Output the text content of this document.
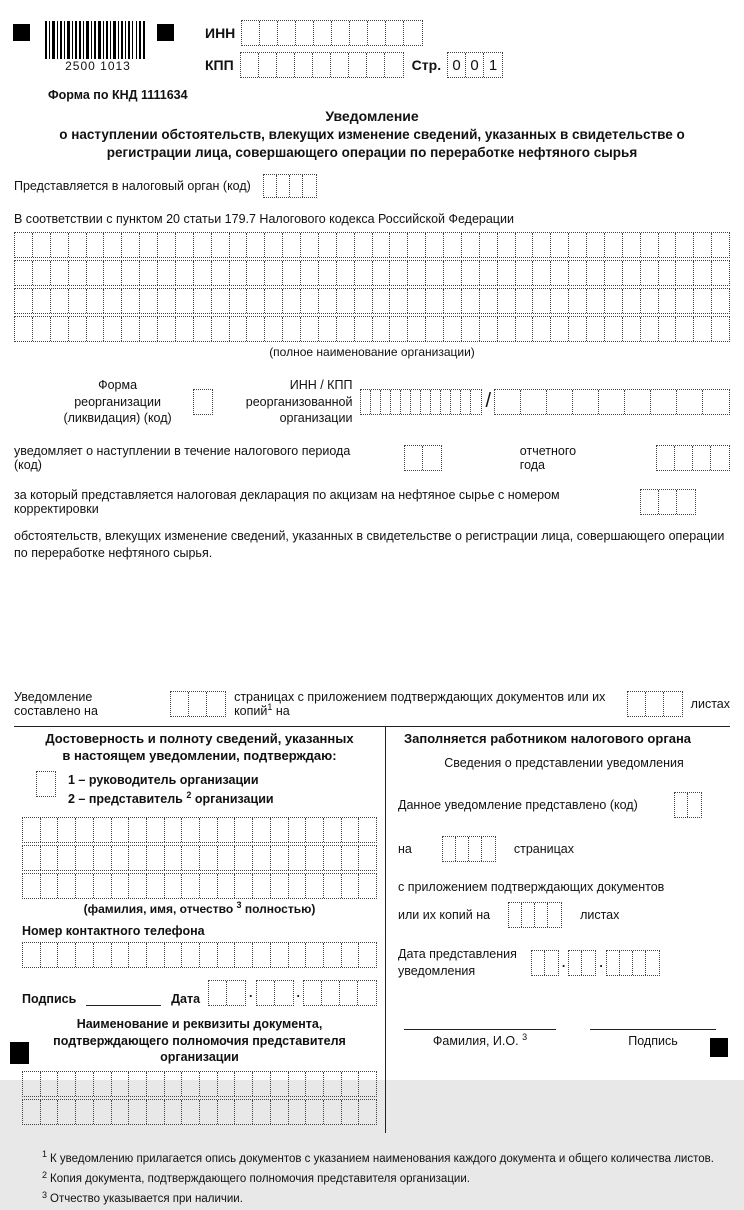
2500 1013
ИНН
КПП	Стр. 0 0 1
Форма по КНД 1111634
Уведомление
о наступлении обстоятельств, влекущих изменение сведений, указанных в свидетельстве о регистрации лица, совершающего операции по переработке нефтяного сырья
Представляется в налоговый орган (код)
В соответствии с пунктом 20 статьи 179.7 Налогового кодекса Российской Федерации
(полное наименование организации)
Форма реорганизации
(ликвидация) (код)
ИНН / КПП реорганизованной
организации
/
уведомляет о наступлении в течение налогового периода (код)
отчетного года
за который представляется налоговая декларация по акцизам на нефтяное сырье с номером корректировки
обстоятельств, влекущих изменение сведений, указанных в свидетельстве о регистрации лица, совершающего операции по переработке нефтяного сырья.
Уведомление составлено на
страницах с приложением подтверждающих документов или их копий$^1$ на	листах
Достоверность и полноту сведений, указанных
в настоящем уведомлении, подтверждаю:
1 – руководитель организации
2 – представитель $^2$ организации
(фамилия, имя, отчество $^3$ полностью)
Номер контактного телефона
Подпись	Дата	.	.
Наименование и реквизиты документа,
подтверждающего полномочия представителя организации
Заполняется работником налогового органа
Сведения о представлении уведомления
Данное уведомление представлено (код)
на	страницах
с приложением подтверждающих документов
или их копий на	листах
Дата представления
уведомления
.	.
Фамилия, И.О. $^3$	Подпись
$^1$ К уведомлению прилагается опись документов с указанием наименования каждого документа и общего количества листов.
$^2$ Копия документа, подтверждающего полномочия представителя организации.
$^3$ Отчество указывается при наличии.
